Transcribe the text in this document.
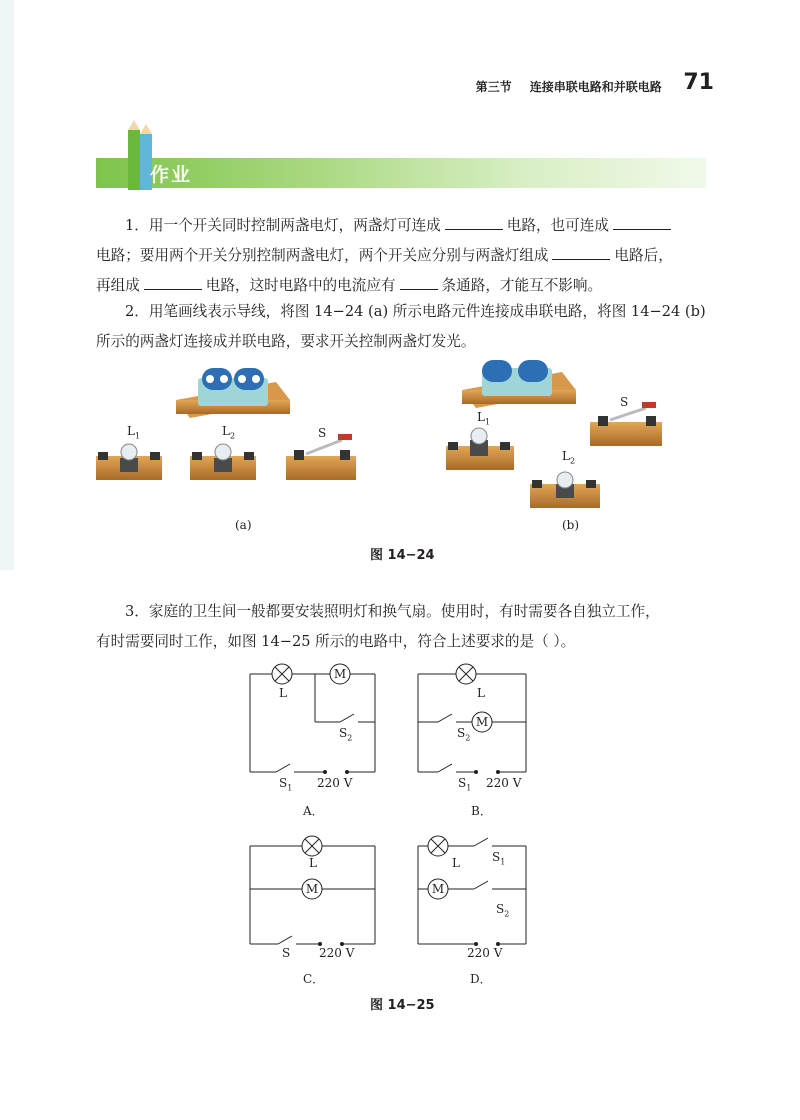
第三节 连接串联电路和并联电路 71
作业
1．用一个开关同时控制两盏电灯，两盏灯可连成	电路，也可连成
电路；要用两个开关分别控制两盏电灯，两个开关应分别与两盏灯组成	电路后，
再组成	电路，这时电路中的电流应有	条通路，才能互不影响。
2．用笔画线表示导线，将图 14−24 (a) 所示电路元件连接成串联电路，将图 14−24 (b)
所示的两盏灯连接成并联电路，要求开关控制两盏灯发光。
$L_1$	$L_2$	S
$L_1$
$L_2$
S
(a)	(b)
图 14−24
3．家庭的卫生间一般都要安装照明灯和换气扇。使用时，有时需要各自独立工作，
有时需要同时工作，如图 14−25 所示的电路中，符合上述要求的是（ ）。
M
M
M	M
L
$S_2$
$S_1$ 220 V
A．
L
$S_2$
$S_1$ 220 V
B．
L
S 220 V
C．
L	$S_1$
$S_2$
220 V
D．
图 14−25
